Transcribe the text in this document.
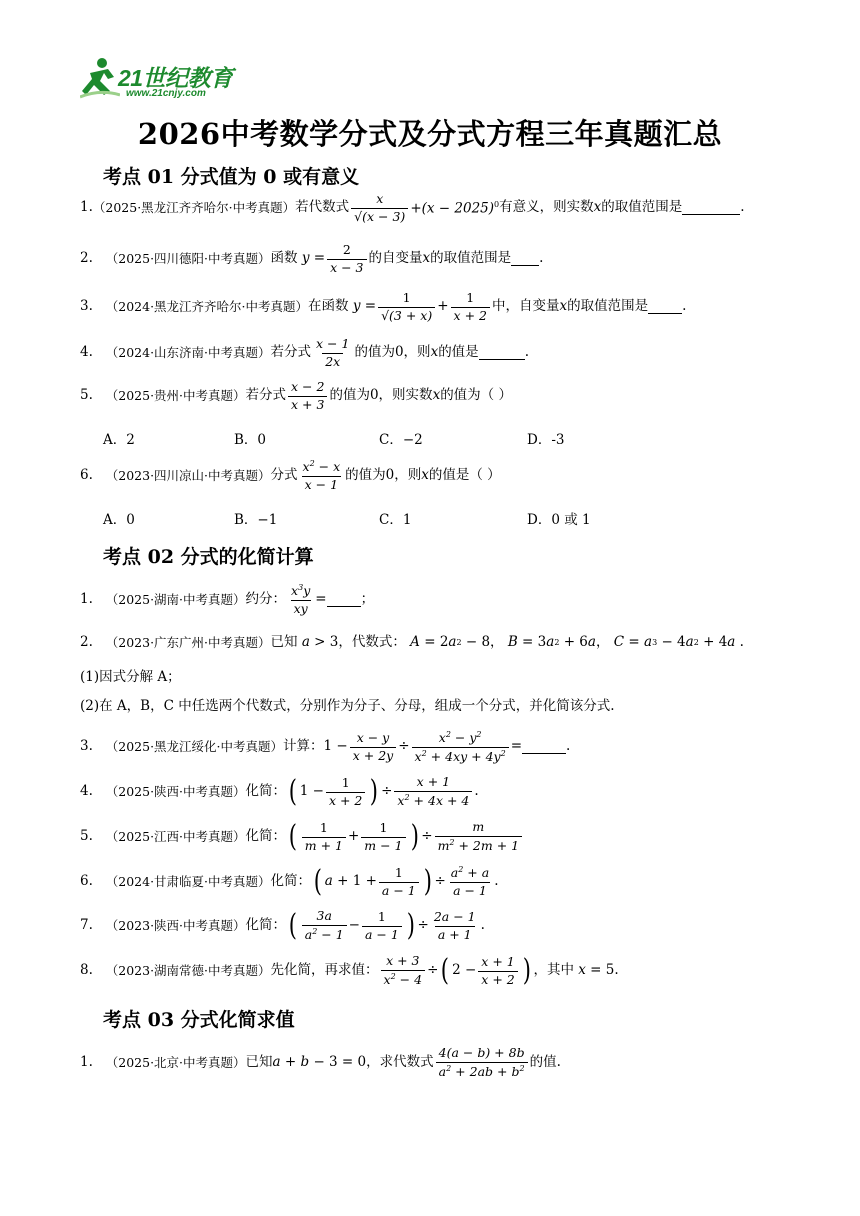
21世纪教育
www.21cnjy.com
2026中考数学分式及分式方程三年真题汇总
考点 01 分式值为 0 或有意义
1. （2025·黑龙江齐齐哈尔·中考真题） 若代数式 $\frac{x}{√(x - 3)} +(x - 2025)^0$ 有意义，则实数 x 的取值范围是	.
2.
（2025·四川德阳·中考真题） 函数
$y = \frac{2}{x - 3}$ 的自变量 x 的取值范围是 .
3.
（2024·黑龙江齐齐哈尔·中考真题） 在函数
$y = \frac{1}{√(3 + x)} + \frac{1}{x + 2}$ 中，自变量 x 的取值范围是	.
4.
（2024·山东济南·中考真题） 若分式 $\frac{x - 1}{2x}$ 的值为0，则 x 的值是	.
5.
（2025·贵州·中考真题） 若分式 $\frac{x - 2}{x + 3}$ 的值为0，则实数 x 的值为（ ）
A．2	B．0	C．−2	D．-3
6.
（2023·四川凉山·中考真题） 分式 $\frac{x^2 - x}{x - 1}$ 的值为0，则 x 的值是（ ）
A．0	B．−1	C．1	D．0 或 1
考点 02 分式的化简计算
1.
（2025·湖南·中考真题） 约分： $\frac{x^3y}{xy}$ =	；
2.
（2023·广东广州·中考真题） 已知
a > 3，代数式： A = 2 a 2 − 8， B = 3 a 2 + 6 a ， C = a 3 − 4 a 2 + 4 a .
(1)因式分解 A；
(2)在 A，B，C 中任选两个代数式，分别作为分子、分母，组成一个分式，并化简该分式.
3.
（2025·黑龙江绥化·中考真题） 计算： $1 - \frac{x - y}{x + 2y} \div \frac{x^2 - y^2}{x^2 + 4xy + 4y^2}$ =	.
4.
（2025·陕西·中考真题） 化简： ( $1 - \frac{1}{x + 2}$ ) ÷ $\frac{x + 1}{x^2 + 4x + 4}$ .
5.
（2025·江西·中考真题） 化简： ( $\frac{1}{m + 1} + \frac{1}{m - 1}$ ) ÷ $\frac{m}{m^2 + 2m + 1}$
6.
（2024·甘肃临夏·中考真题） 化简： ( $a + 1 + \frac{1}{a - 1}$ ) ÷ $\frac{a^2 + a}{a - 1}$ .
7.
（2023·陕西·中考真题） 化简： ( $\frac{3a}{a^2 - 1} - \frac{1}{a - 1}$ ) ÷ $\frac{2a - 1}{a + 1}$ .
8.
（2023·湖南常德·中考真题） 先化简，再求值： $\frac{x + 3}{x^2 - 4}$ ÷ ( $2 - \frac{x + 1}{x + 2}$ ) ，其中
x = 5.
考点 03 分式化简求值
1.
（2025·北京·中考真题） 已知 a + b − 3 = 0 ，求代数式 $\frac{4(a - b) + 8b}{a^2 + 2ab + b^2}$ 的值.
